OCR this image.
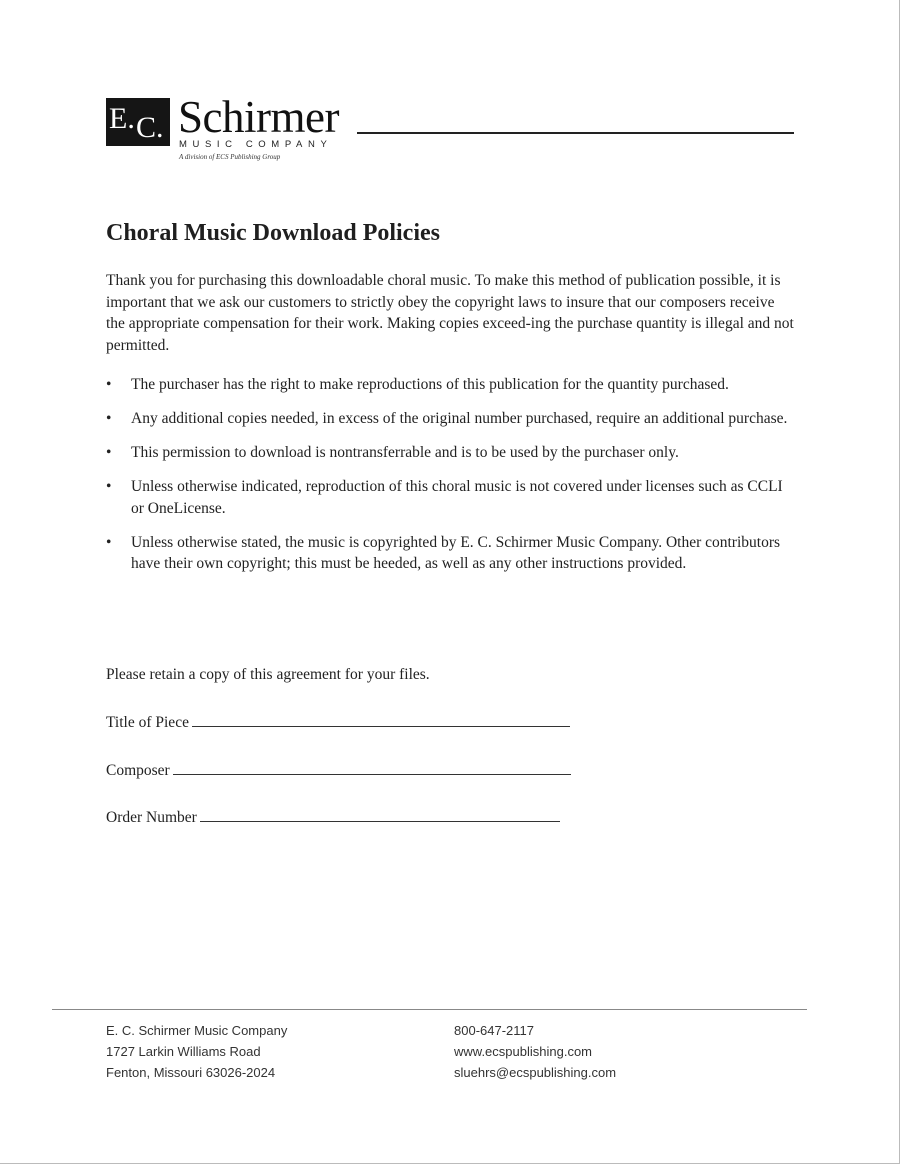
E. C. Schirmer
MUSIC COMPANY
A division of ECS Publishing Group
Choral Music Download Policies

Thank you for purchasing this downloadable choral music. To make this method of publication possible, it is important that we ask our customers to strictly obey the copyright laws to insure that our composers receive the appropriate compensation for their work. Making copies exceed-ing the purchase quantity is illegal and not permitted.

• The purchaser has the right to make reproductions of this publication for the quantity purchased.
• Any additional copies needed, in excess of the original number purchased, require an additional purchase.
• This permission to download is nontransferrable and is to be used by the purchaser only.
• Unless otherwise indicated, reproduction of this choral music is not covered under licenses such as CCLI or OneLicense.
• Unless otherwise stated, the music is copyrighted by E. C. Schirmer Music Company. Other contributors have their own copyright; this must be heeded, as well as any other instructions provided.

Please retain a copy of this agreement for your files.

Title of Piece
Composer
Order Number
E. C. Schirmer Music Company
1727 Larkin Williams Road
Fenton, Missouri 63026-2024
800-647-2117
www.ecspublishing.com
sluehrs@ecspublishing.com
